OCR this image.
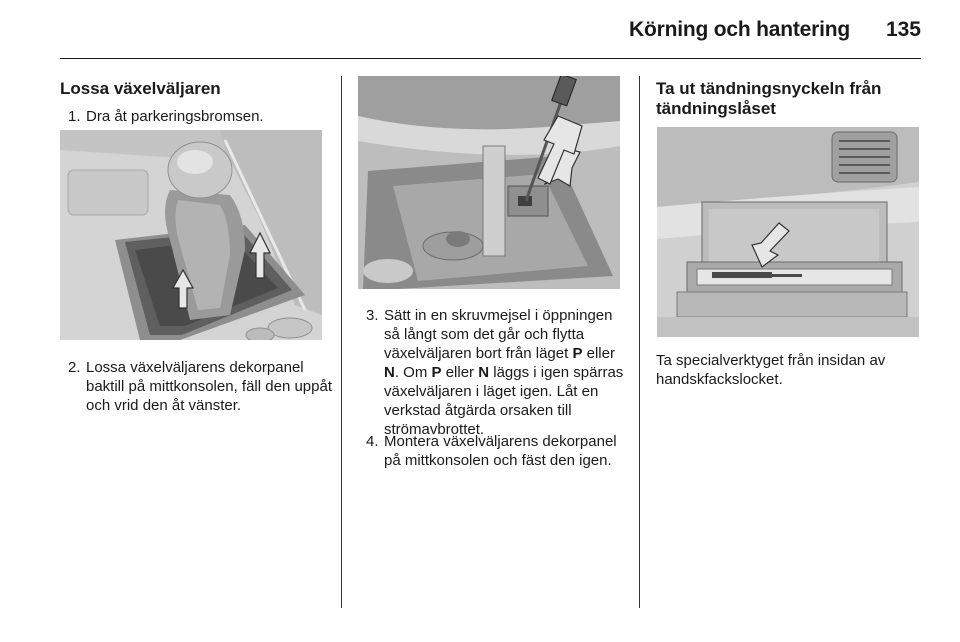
Körning och hantering	135
Lossa växelväljaren
1. Dra åt parkeringsbromsen.
2. Lossa växelväljarens dekorpanel baktill på mittkonsolen, fäll den uppåt och vrid den åt vänster.
3. Sätt in en skruvmejsel i öppningen så långt som det går och flytta växelväljaren bort från läget P eller N. Om P eller N läggs i igen spärras växelväljaren i läget igen. Låt en verkstad åtgärda orsaken till strömavbrottet.
4. Montera växelväljarens dekorpanel på mittkonsolen och fäst den igen.
Ta ut tändningsnyckeln från tändningslåset
Ta specialverktyget från insidan av handskfackslocket.
